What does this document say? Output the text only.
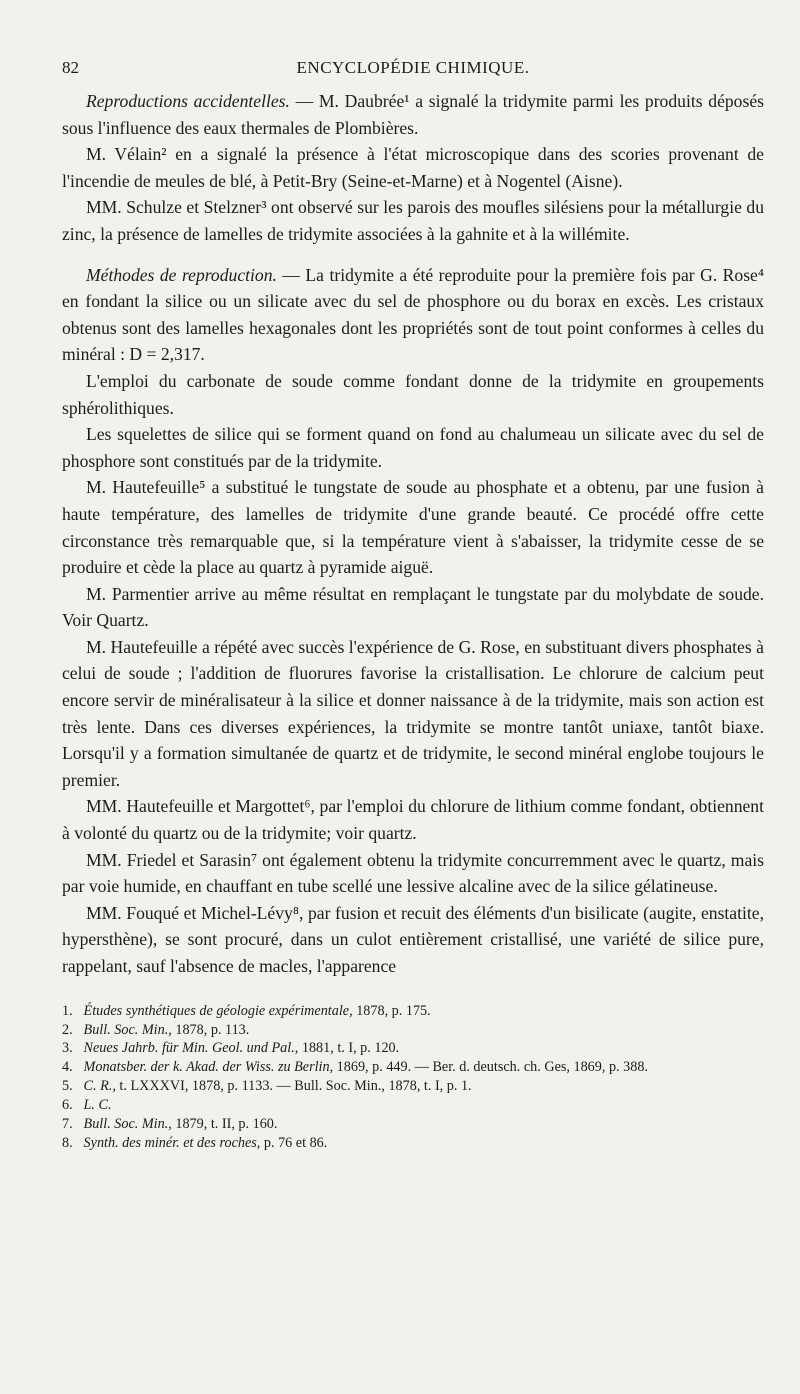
82	ENCYCLOPÉDIE CHIMIQUE.

Reproductions accidentelles. — M. Daubrée¹ a signalé la tridymite parmi les produits déposés sous l'influence des eaux thermales de Plombières.

M. Vélain² en a signalé la présence à l'état microscopique dans des scories provenant de l'incendie de meules de blé, à Petit-Bry (Seine-et-Marne) et à Nogentel (Aisne).

MM. Schulze et Stelzner³ ont observé sur les parois des moufles silésiens pour la métallurgie du zinc, la présence de lamelles de tridymite associées à la gahnite et à la willémite.

Méthodes de reproduction. — La tridymite a été reproduite pour la première fois par G. Rose⁴ en fondant la silice ou un silicate avec du sel de phosphore ou du borax en excès. Les cristaux obtenus sont des lamelles hexagonales dont les propriétés sont de tout point conformes à celles du minéral : D = 2,317.

L'emploi du carbonate de soude comme fondant donne de la tridymite en groupements sphérolithiques.

Les squelettes de silice qui se forment quand on fond au chalumeau un silicate avec du sel de phosphore sont constitués par de la tridymite.

M. Hautefeuille⁵ a substitué le tungstate de soude au phosphate et a obtenu, par une fusion à haute température, des lamelles de tridymite d'une grande beauté. Ce procédé offre cette circonstance très remarquable que, si la température vient à s'abaisser, la tridymite cesse de se produire et cède la place au quartz à pyramide aiguë.

M. Parmentier arrive au même résultat en remplaçant le tungstate par du molybdate de soude. Voir Quartz.

M. Hautefeuille a répété avec succès l'expérience de G. Rose, en substituant divers phosphates à celui de soude ; l'addition de fluorures favorise la cristallisation. Le chlorure de calcium peut encore servir de minéralisateur à la silice et donner naissance à de la tridymite, mais son action est très lente. Dans ces diverses expériences, la tridymite se montre tantôt uniaxe, tantôt biaxe. Lorsqu'il y a formation simultanée de quartz et de tridymite, le second minéral englobe toujours le premier.

MM. Hautefeuille et Margottet⁶, par l'emploi du chlorure de lithium comme fondant, obtiennent à volonté du quartz ou de la tridymite; voir quartz.

MM. Friedel et Sarasin⁷ ont également obtenu la tridymite concurremment avec le quartz, mais par voie humide, en chauffant en tube scellé une lessive alcaline avec de la silice gélatineuse.

MM. Fouqué et Michel-Lévy⁸, par fusion et recuit des éléments d'un bisilicate (augite, enstatite, hypersthène), se sont procuré, dans un culot entièrement cristallisé, une variété de silice pure, rappelant, sauf l'absence de macles, l'apparence

1. Études synthétiques de géologie expérimentale, 1878, p. 175.
2. Bull. Soc. Min., 1878, p. 113.
3. Neues Jahrb. für Min. Geol. und Pal., 1881, t. I, p. 120.
4. Monatsber. der k. Akad. der Wiss. zu Berlin, 1869, p. 449. — Ber. d. deutsch. ch. Ges, 1869, p. 388.
5. C. R., t. LXXXVI, 1878, p. 1133. — Bull. Soc. Min., 1878, t. I, p. 1.
6. L. C.
7. Bull. Soc. Min., 1879, t. II, p. 160.
8. Synth. des minér. et des roches, p. 76 et 86.
